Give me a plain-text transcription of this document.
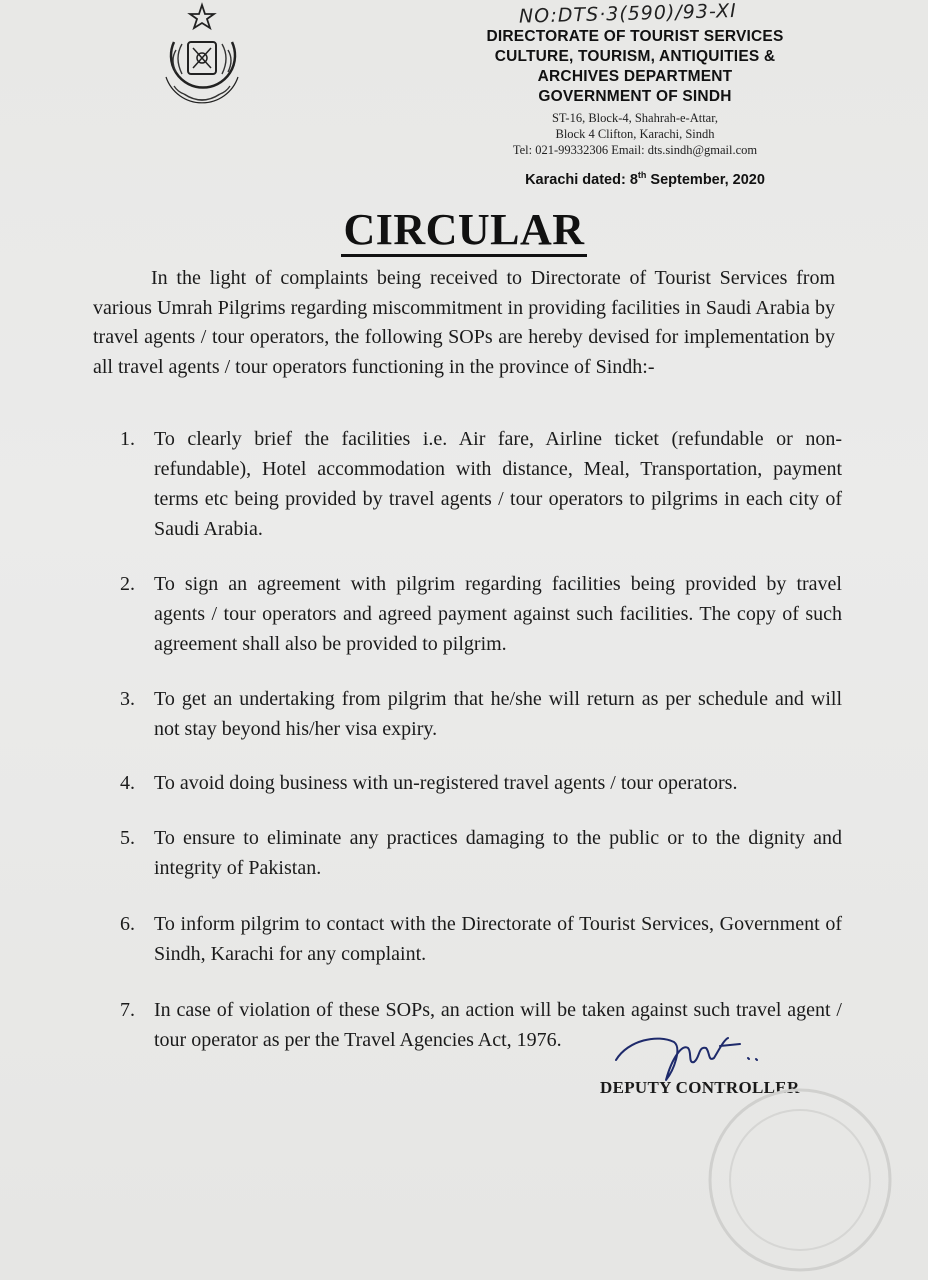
NO:DTS·3(590)/93-XI
DIRECTORATE OF TOURIST SERVICES
CULTURE, TOURISM, ANTIQUITIES &
ARCHIVES DEPARTMENT
GOVERNMENT OF SINDH
ST-16, Block-4, Shahrah-e-Attar,
Block 4 Clifton, Karachi, Sindh
Tel: 021-99332306 Email: dts.sindh@gmail.com
Karachi dated: 8th September, 2020
CIRCULAR
In the light of complaints being received to Directorate of Tourist Services from various Umrah Pilgrims regarding miscommitment in providing facilities in Saudi Arabia by travel agents / tour operators, the following SOPs are hereby devised for implementation by all travel agents / tour operators functioning in the province of Sindh:-
1. To clearly brief the facilities i.e. Air fare, Airline ticket (refundable or non-refundable), Hotel accommodation with distance, Meal, Transportation, payment terms etc being provided by travel agents / tour operators to pilgrims in each city of Saudi Arabia.
2. To sign an agreement with pilgrim regarding facilities being provided by travel agents / tour operators and agreed payment against such facilities. The copy of such agreement shall also be provided to pilgrim.
3. To get an undertaking from pilgrim that he/she will return as per schedule and will not stay beyond his/her visa expiry.
4. To avoid doing business with un-registered travel agents / tour operators.
5. To ensure to eliminate any practices damaging to the public or to the dignity and integrity of Pakistan.
6. To inform pilgrim to contact with the Directorate of Tourist Services, Government of Sindh, Karachi for any complaint.
7. In case of violation of these SOPs, an action will be taken against such travel agent / tour operator as per the Travel Agencies Act, 1976.
DEPUTY CONTROLLER
